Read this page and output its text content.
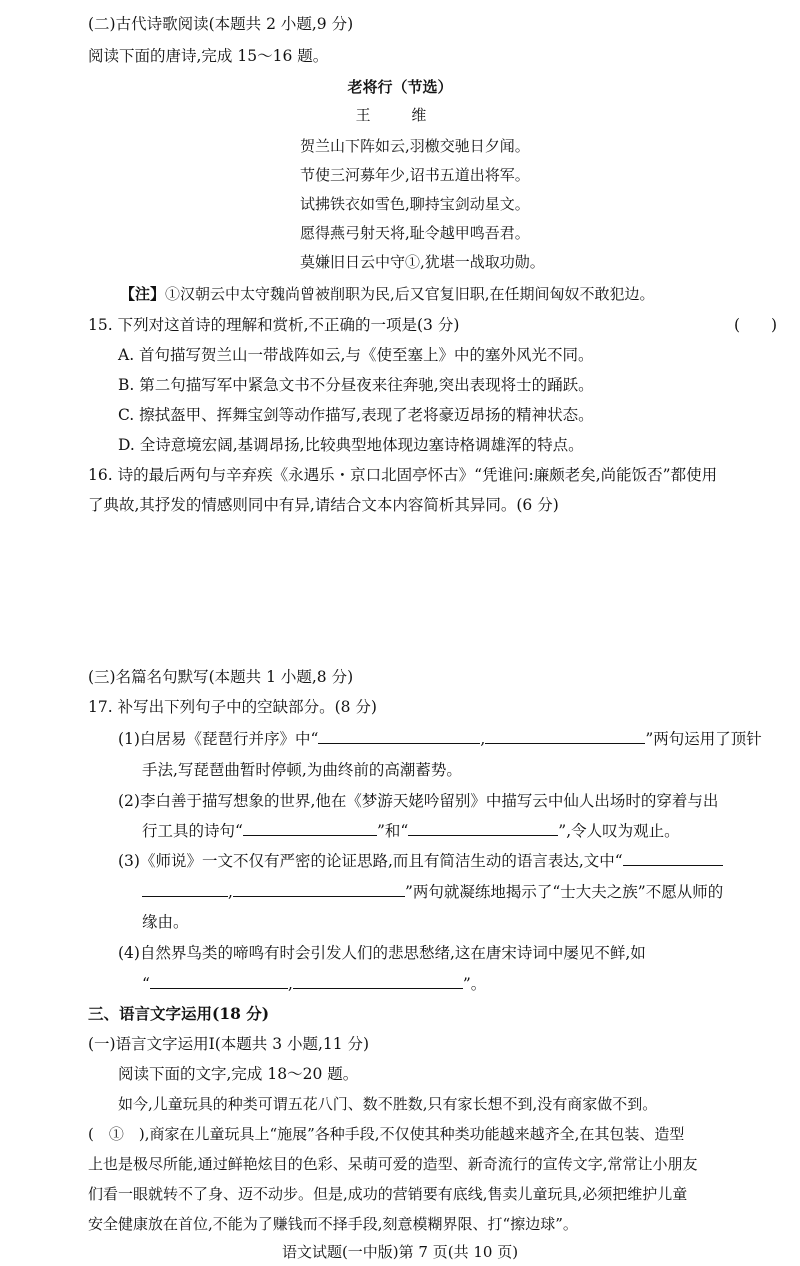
(二)古代诗歌阅读(本题共 2 小题,9 分)
阅读下面的唐诗,完成 15～16 题。
老将行（节选）
王 维
贺兰山下阵如云,羽檄交驰日夕闻。
节使三河募年少,诏书五道出将军。
试拂铁衣如雪色,聊持宝剑动星文。
愿得燕弓射天将,耻令越甲鸣吾君。
莫嫌旧日云中守①,犹堪一战取功勋。
【注】①汉朝云中太守魏尚曾被削职为民,后又官复旧职,在任期间匈奴不敢犯边。
15. 下列对这首诗的理解和赏析,不正确的一项是(3 分)	(　　)
A. 首句描写贺兰山一带战阵如云,与《使至塞上》中的塞外风光不同。
B. 第二句描写军中紧急文书不分昼夜来往奔驰,突出表现将士的踊跃。
C. 擦拭盔甲、挥舞宝剑等动作描写,表现了老将豪迈昂扬的精神状态。
D. 全诗意境宏阔,基调昂扬,比较典型地体现边塞诗格调雄浑的特点。
16. 诗的最后两句与辛弃疾《永遇乐・京口北固亭怀古》“凭谁问:廉颇老矣,尚能饭否”都使用
了典故,其抒发的情感则同中有异,请结合文本内容简析其异同。(6 分)
(三)名篇名句默写(本题共 1 小题,8 分)
17. 补写出下列句子中的空缺部分。(8 分)
(1)白居易《琵琶行并序》中“	,	”两句运用了顶针
手法,写琵琶曲暂时停顿,为曲终前的高潮蓄势。
(2)李白善于描写想象的世界,他在《梦游天姥吟留别》中描写云中仙人出场时的穿着与出
行工具的诗句“	”和“	”,令人叹为观止。
(3)《师说》一文不仅有严密的论证思路,而且有简洁生动的语言表达,文中“
,	”两句就凝练地揭示了“士大夫之族”不愿从师的
缘由。
(4)自然界鸟类的啼鸣有时会引发人们的悲思愁绪,这在唐宋诗词中屡见不鲜,如
“	,	”。
三、语言文字运用(18 分)
(一)语言文字运用Ⅰ(本题共 3 小题,11 分)
阅读下面的文字,完成 18～20 题。
如今,儿童玩具的种类可谓五花八门、数不胜数,只有家长想不到,没有商家做不到。
(　①　),商家在儿童玩具上“施展”各种手段,不仅使其种类功能越来越齐全,在其包装、造型
上也是极尽所能,通过鲜艳炫目的色彩、呆萌可爱的造型、新奇流行的宣传文字,常常让小朋友
们看一眼就转不了身、迈不动步。但是,成功的营销要有底线,售卖儿童玩具,必须把维护儿童
安全健康放在首位,不能为了赚钱而不择手段,刻意模糊界限、打“擦边球”。
语文试题(一中版)第 7 页(共 10 页)
